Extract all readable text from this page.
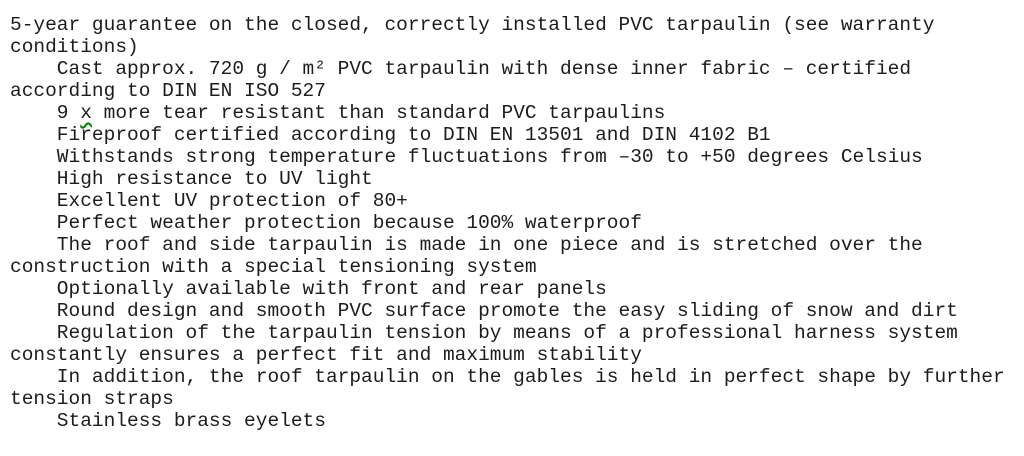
5-year guarantee on the closed, correctly installed PVC tarpaulin (see warranty
conditions)
Cast approx. 720 g / m² PVC tarpaulin with dense inner fabric – certified
according to DIN EN ISO 527
9 x more tear resistant than standard PVC tarpaulins
Fireproof certified according to DIN EN 13501 and DIN 4102 B1
Withstands strong temperature fluctuations from –30 to +50 degrees Celsius
High resistance to UV light
Excellent UV protection of 80+
Perfect weather protection because 100% waterproof
The roof and side tarpaulin is made in one piece and is stretched over the
construction with a special tensioning system
Optionally available with front and rear panels
Round design and smooth PVC surface promote the easy sliding of snow and dirt
Regulation of the tarpaulin tension by means of a professional harness system
constantly ensures a perfect fit and maximum stability
In addition, the roof tarpaulin on the gables is held in perfect shape by further
tension straps
Stainless brass eyelets
